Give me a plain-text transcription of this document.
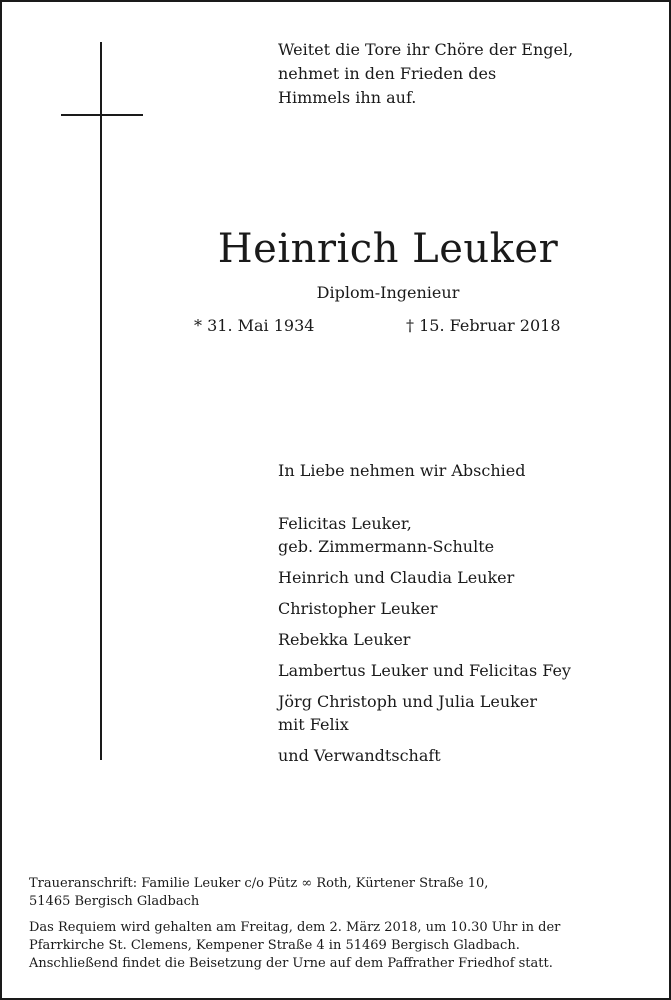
Weitet die Tore ihr Chöre der Engel,
nehmet in den Frieden des
Himmels ihn auf.
Heinrich Leuker
Diplom-Ingenieur
* 31. Mai 1934	† 15. Februar 2018
In Liebe nehmen wir Abschied
Felicitas Leuker,
geb. Zimmermann-Schulte
Heinrich und Claudia Leuker
Christopher Leuker
Rebekka Leuker
Lambertus Leuker und Felicitas Fey
Jörg Christoph und Julia Leuker
mit Felix
und Verwandtschaft
Traueranschrift: Familie Leuker c/o Pütz ∞ Roth, Kürtener Straße 10,
51465 Bergisch Gladbach
Das Requiem wird gehalten am Freitag, dem 2. März 2018, um 10.30 Uhr in der
Pfarrkirche St. Clemens, Kempener Straße 4 in 51469 Bergisch Gladbach.
Anschließend findet die Beisetzung der Urne auf dem Paffrather Friedhof statt.
